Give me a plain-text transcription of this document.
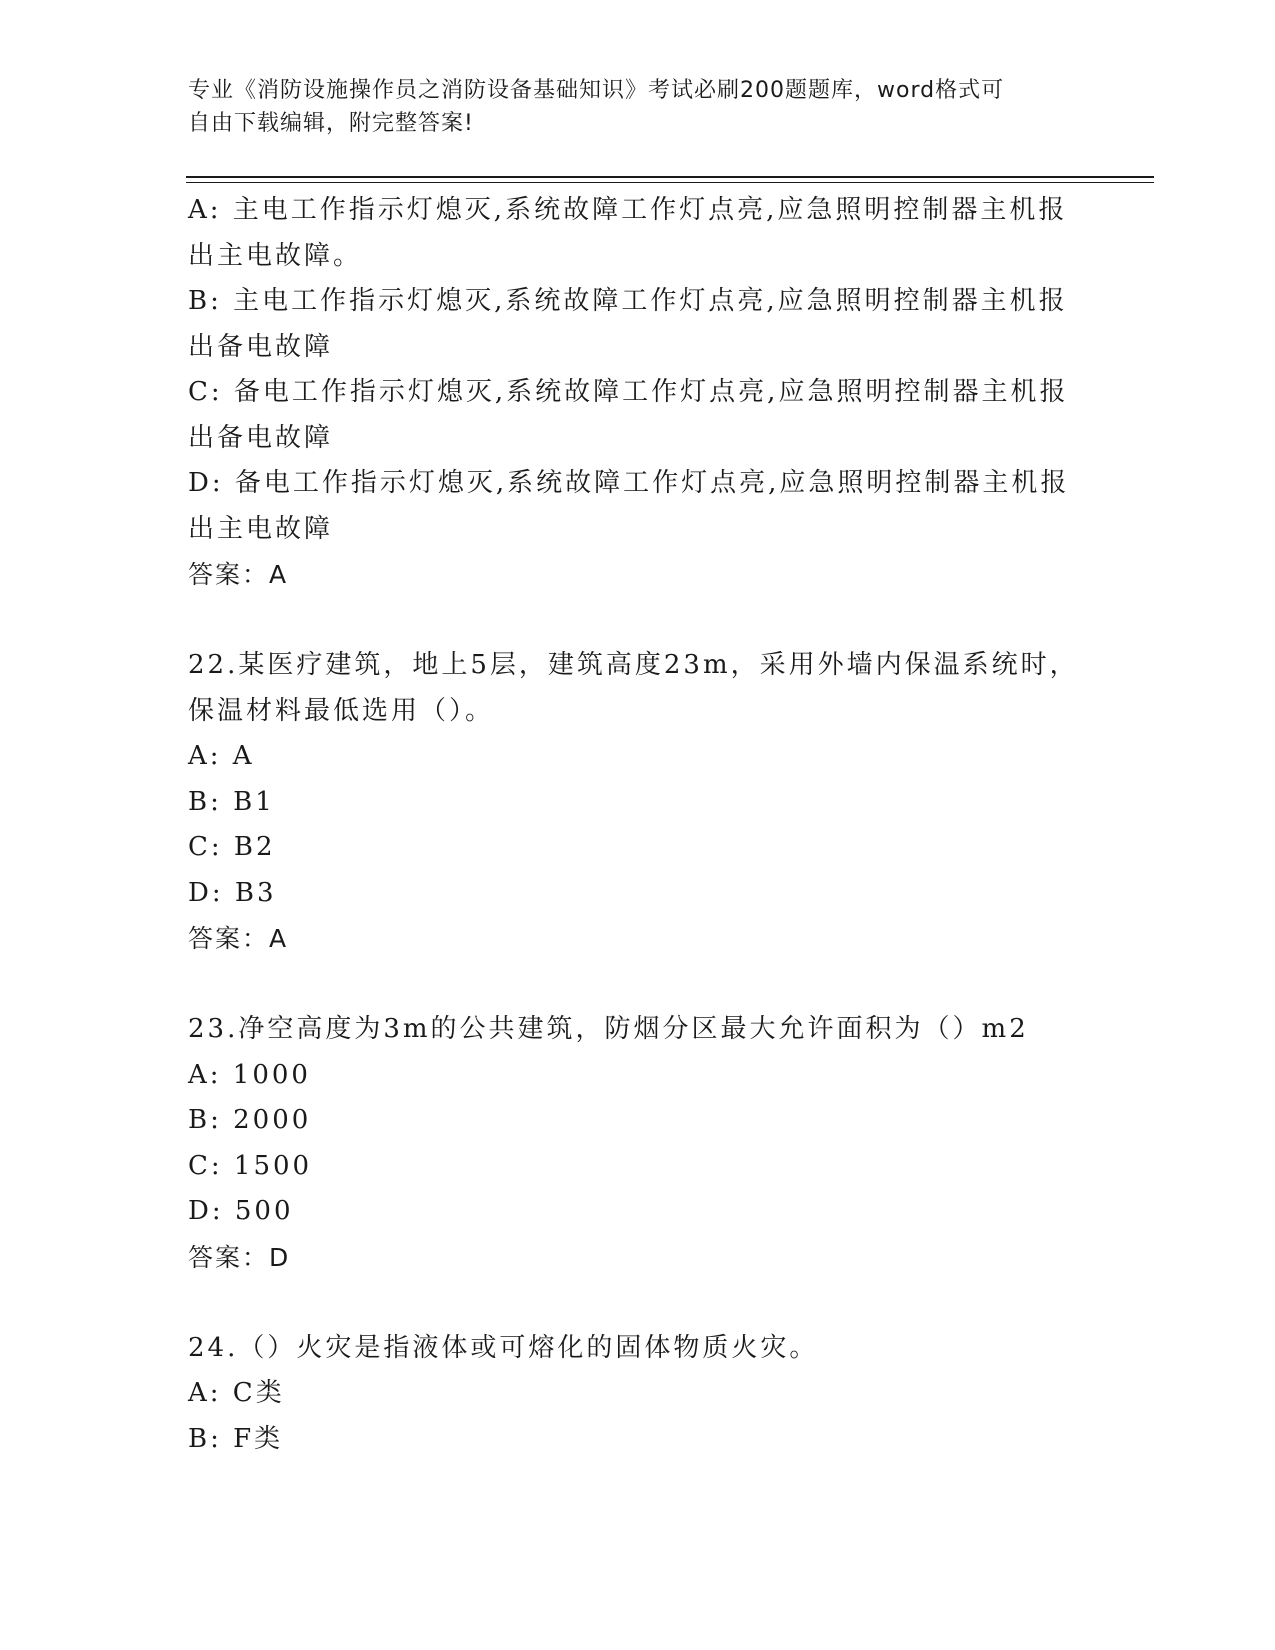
专业《消防设施操作员之消防设备基础知识》考试必刷200题题库，word格式可
自由下载编辑，附完整答案!

A: 主电工作指示灯熄灭,系统故障工作灯点亮,应急照明控制器主机报出主电故障。

B: 主电工作指示灯熄灭,系统故障工作灯点亮,应急照明控制器主机报出备电故障

C: 备电工作指示灯熄灭,系统故障工作灯点亮,应急照明控制器主机报出备电故障

D: 备电工作指示灯熄灭,系统故障工作灯点亮,应急照明控制器主机报出主电故障

答案：A

22.某医疗建筑，地上5层，建筑高度23m，采用外墙内保温系统时，保温材料最低选用（）。

A: A

B: B1

C: B2

D: B3

答案：A

23.净空高度为3m的公共建筑，防烟分区最大允许面积为（）m2

A: 1000

B: 2000

C: 1500

D: 500

答案：D

24.（）火灾是指液体或可熔化的固体物质火灾。

A: C类

B: F类
